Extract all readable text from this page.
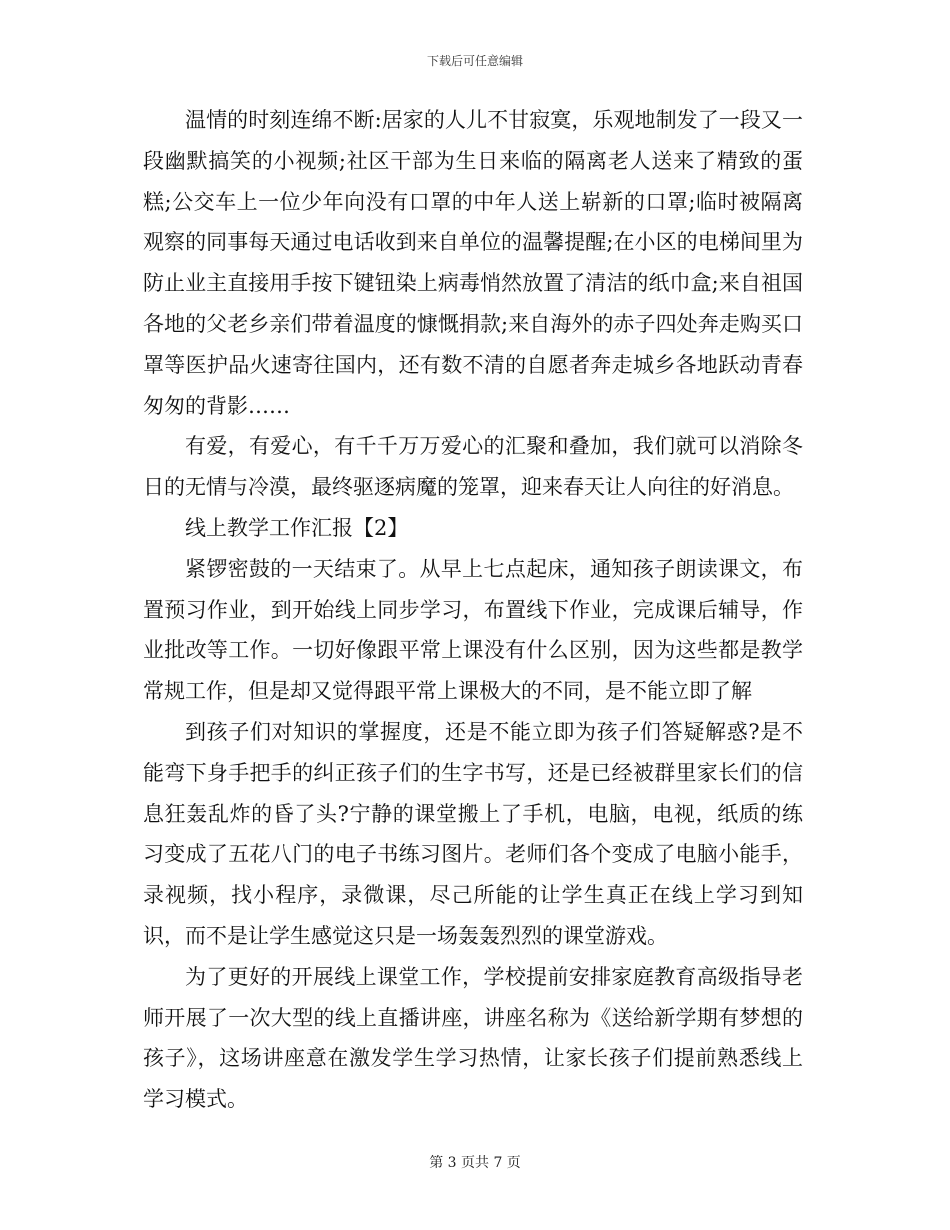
下载后可任意编辑

温情的时刻连绵不断:居家的人儿不甘寂寞，乐观地制发了一段又一段幽默搞笑的小视频;社区干部为生日来临的隔离老人送来了精致的蛋糕;公交车上一位少年向没有口罩的中年人送上崭新的口罩;临时被隔离观察的同事每天通过电话收到来自单位的温馨提醒;在小区的电梯间里为防止业主直接用手按下键钮染上病毒悄然放置了清洁的纸巾盒;来自祖国各地的父老乡亲们带着温度的慷慨捐款;来自海外的赤子四处奔走购买口罩等医护品火速寄往国内，还有数不清的自愿者奔走城乡各地跃动青春匆匆的背影……

有爱，有爱心，有千千万万爱心的汇聚和叠加，我们就可以消除冬日的无情与冷漠，最终驱逐病魔的笼罩，迎来春天让人向往的好消息。

线上教学工作汇报【2】

紧锣密鼓的一天结束了。从早上七点起床，通知孩子朗读课文，布置预习作业，到开始线上同步学习，布置线下作业，完成课后辅导，作业批改等工作。一切好像跟平常上课没有什么区别，因为这些都是教学常规工作，但是却又觉得跟平常上课极大的不同，是不能立即了解

到孩子们对知识的掌握度，还是不能立即为孩子们答疑解惑?是不能弯下身手把手的纠正孩子们的生字书写，还是已经被群里家长们的信息狂轰乱炸的昏了头?宁静的课堂搬上了手机，电脑，电视，纸质的练习变成了五花八门的电子书练习图片。老师们各个变成了电脑小能手，录视频，找小程序，录微课，尽己所能的让学生真正在线上学习到知识，而不是让学生感觉这只是一场轰轰烈烈的课堂游戏。

为了更好的开展线上课堂工作，学校提前安排家庭教育高级指导老师开展了一次大型的线上直播讲座，讲座名称为《送给新学期有梦想的孩子》，这场讲座意在激发学生学习热情，让家长孩子们提前熟悉线上学习模式。

第 3 页共 7 页
